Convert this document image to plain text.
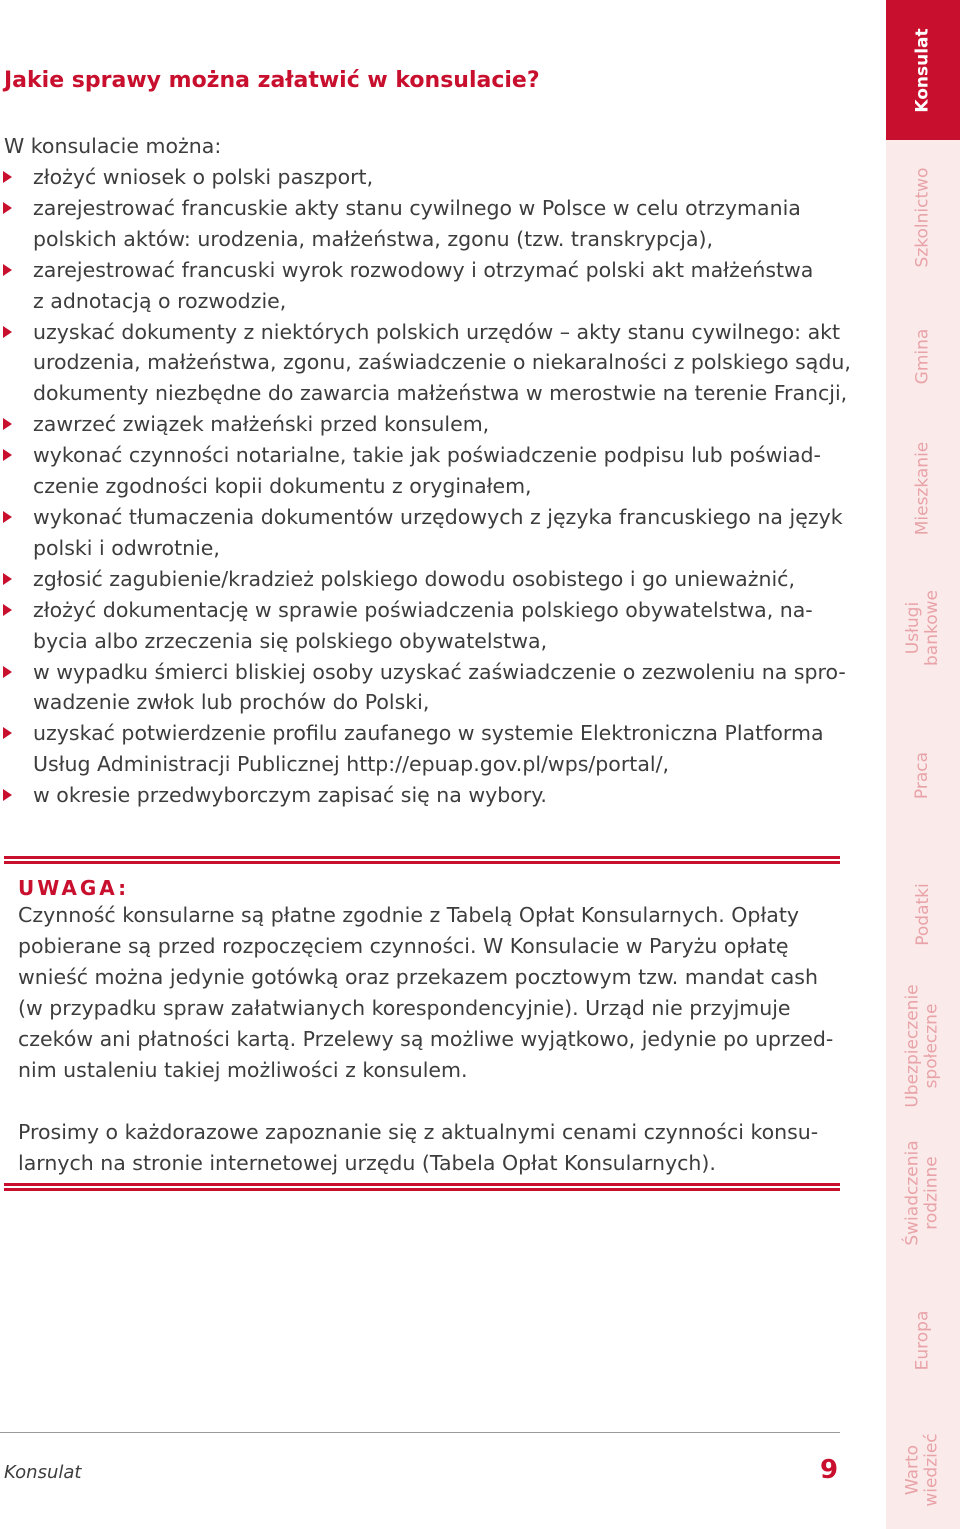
Jakie sprawy można załatwić w konsulacie?
W konsulacie można:
złożyć wniosek o polski paszport,
zarejestrować francuskie akty stanu cywilnego w Polsce w celu otrzymania
polskich aktów: urodzenia, małżeństwa, zgonu (tzw. transkrypcja),
zarejestrować francuski wyrok rozwodowy i otrzymać polski akt małżeństwa
z adnotacją o rozwodzie,
uzyskać dokumenty z niektórych polskich urzędów – akty stanu cywilnego: akt
urodzenia, małżeństwa, zgonu, zaświadczenie o niekaralności z polskiego sądu,
dokumenty niezbędne do zawarcia małżeństwa w merostwie na terenie Francji,
zawrzeć związek małżeński przed konsulem,
wykonać czynności notarialne, takie jak poświadczenie podpisu lub poświad-
czenie zgodności kopii dokumentu z oryginałem,
wykonać tłumaczenia dokumentów urzędowych z języka francuskiego na język
polski i odwrotnie,
zgłosić zagubienie/kradzież polskiego dowodu osobistego i go unieważnić,
złożyć dokumentację w sprawie poświadczenia polskiego obywatelstwa, na-
bycia albo zrzeczenia się polskiego obywatelstwa,
w wypadku śmierci bliskiej osoby uzyskać zaświadczenie o zezwoleniu na spro-
wadzenie zwłok lub prochów do Polski,
uzyskać potwierdzenie profilu zaufanego w systemie Elektroniczna Platforma
Usług Administracji Publicznej http://epuap.gov.pl/wps/portal/,
w okresie przedwyborczym zapisać się na wybory.
UWAGA:
Czynność konsularne są płatne zgodnie z Tabelą Opłat Konsularnych. Opłaty
pobierane są przed rozpoczęciem czynności. W Konsulacie w Paryżu opłatę
wnieść można jedynie gotówką oraz przekazem pocztowym tzw. mandat cash
(w przypadku spraw załatwianych korespondencyjnie). Urząd nie przyjmuje
czeków ani płatności kartą. Przelewy są możliwe wyjątkowo, jedynie po uprzed-
nim ustaleniu takiej możliwości z konsulem.
Prosimy o każdorazowe zapoznanie się z aktualnymi cenami czynności konsu-
larnych na stronie internetowej urzędu (Tabela Opłat Konsularnych).
Konsulat	9
Konsulat
Szkolnictwo
Gmina
Mieszkanie
Usługi bankowe
Praca
Podatki
Ubezpieczenie społeczne
Świadczenia rodzinne
Europa
Warto wiedzieć
